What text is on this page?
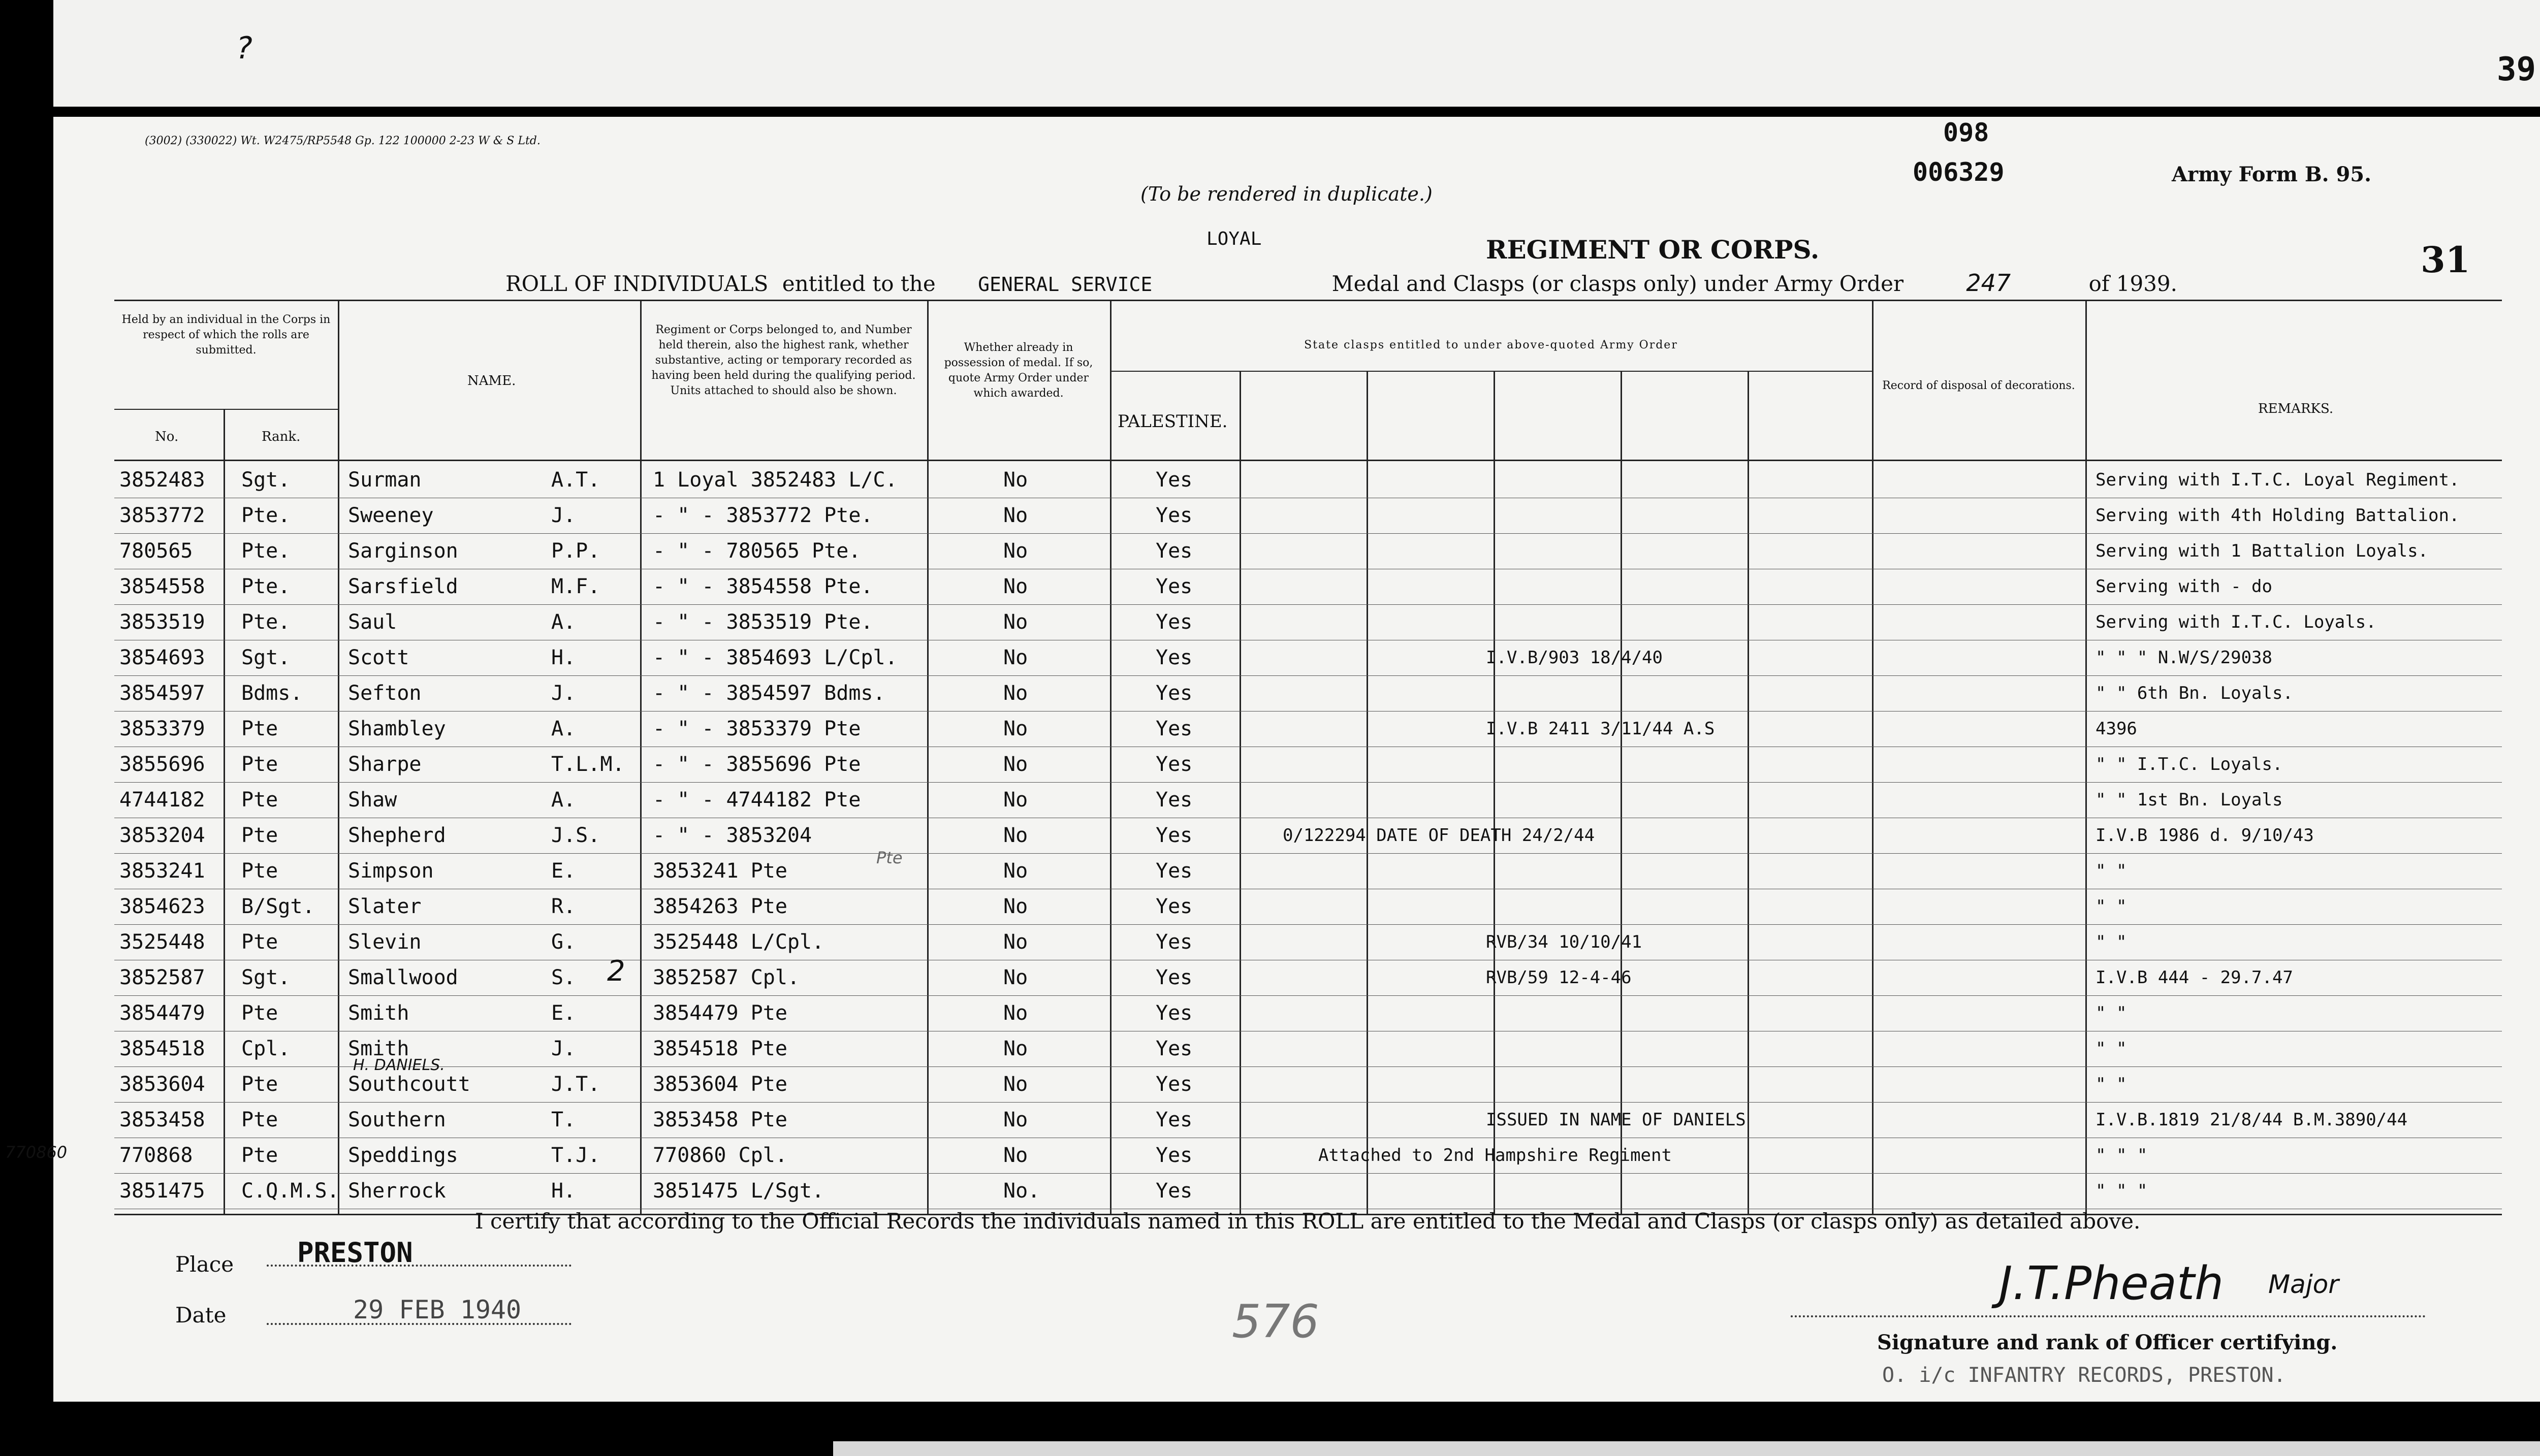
?
39
(3002) (330022) Wt. W2475/RP5548 Gp. 122 100000 2-23 W & S Ltd.	098
006329	Army Form B. 95.
(To be rendered in duplicate.)
LOYAL	REGIMENT OR CORPS.	31
ROLL OF INDIVIDUALS entitled to the GENERAL SERVICE	Medal and Clasps (or clasps only) under Army Order	247	of 1939.
Held by an individual in the Corps in respect of which the rolls are submitted.
No.	Rank.
NAME.
Regiment or Corps belonged to, and Number held therein, also the highest rank, whether substantive, acting or temporary recorded as having been held during the qualifying period. Units attached to should also be shown.
Whether already in possession of medal. If so, quote Army Order under which awarded.
State clasps entitled to under above-quoted Army Order
PALESTINE.
Record of disposal of decorations.
REMARKS.
3852483 Sgt.	Surman	A.T.	1 Loyal 3852483 L/C.	No	Yes	Serving with I.T.C. Loyal Regiment.
3853772 Pte.	Sweeney	J.	- " - 3853772 Pte.	No	Yes	Serving with 4th Holding Battalion.
780565 Pte.	Sarginson	P.P.	- " - 780565 Pte.	No	Yes	Serving with 1 Battalion Loyals.
3854558 Pte.	Sarsfield	M.F.	- " - 3854558 Pte.	No	Yes	Serving with - do
3853519 Pte.	Saul	A.	- " - 3853519 Pte.	No	Yes	Serving with I.T.C. Loyals.
3854693 Sgt.	Scott	H.	- " - 3854693 L/Cpl.	No	Yes	I.V.B/903 18/4/40	" " " N.W/S/29038
3854597 Bdms. Sefton	J.	- " - 3854597 Bdms.	No	Yes	" " 6th Bn. Loyals.
3853379 Pte	Shambley	A.	- " - 3853379 Pte	No	Yes	I.V.B 2411 3/11/44 A.S	4396
3855696 Pte	Sharpe	T.L.M. - " - 3855696 Pte	No	Yes	" " I.T.C. Loyals.
4744182 Pte	Shaw	A.	- " - 4744182 Pte	No	Yes	" " 1st Bn. Loyals
3853204 Pte	Shepherd	J.S.	- " - 3853204	No	Yes	0/122294 DATE OF DEATH 24/2/44	I.V.B 1986 d. 9/10/43
3853241 Pte	Simpson	E.	3853241 Pte	No	Yes	" "
3854623 B/Sgt. Slater	R.	3854263 Pte	No	Yes	" "
3525448 Pte	Slevin	G.	3525448 L/Cpl.	No	Yes	RVB/34 10/10/41	" "
3852587 Sgt.	Smallwood	S.	3852587 Cpl.	No	Yes	RVB/59 12-4-46	I.V.B 444 - 29.7.47
3854479 Pte	Smith	E.	3854479 Pte	No	Yes	" "
3854518 Cpl.	Smith	J.	3854518 Pte	No	Yes	" "
3853604 Pte	Southcoutt	J.T.	3853604 Pte	No	Yes	" "
3853458 Pte	Southern	T.	3853458 Pte	No	Yes	ISSUED IN NAME OF DANIELS	I.V.B.1819 21/8/44 B.M.3890/44
770868 Pte	Speddings	T.J.	770860 Cpl.	No	Yes	Attached to 2nd Hampshire Regiment	" " "
3851475 C.Q.M.S. Sherrock	H.	3851475 L/Sgt.	No.	Yes	" " "
H. DANIELS.
Pte
770860
2
576
I certify that according to the Official Records the individuals named in this ROLL are entitled to the Medal and Clasps (or clasps only) as detailed above.
Place PRESTON
Date	29 FEB 1940	J.T.Pheath Major
Signature and rank of Officer certifying.
O. i/c INFANTRY RECORDS, PRESTON.
